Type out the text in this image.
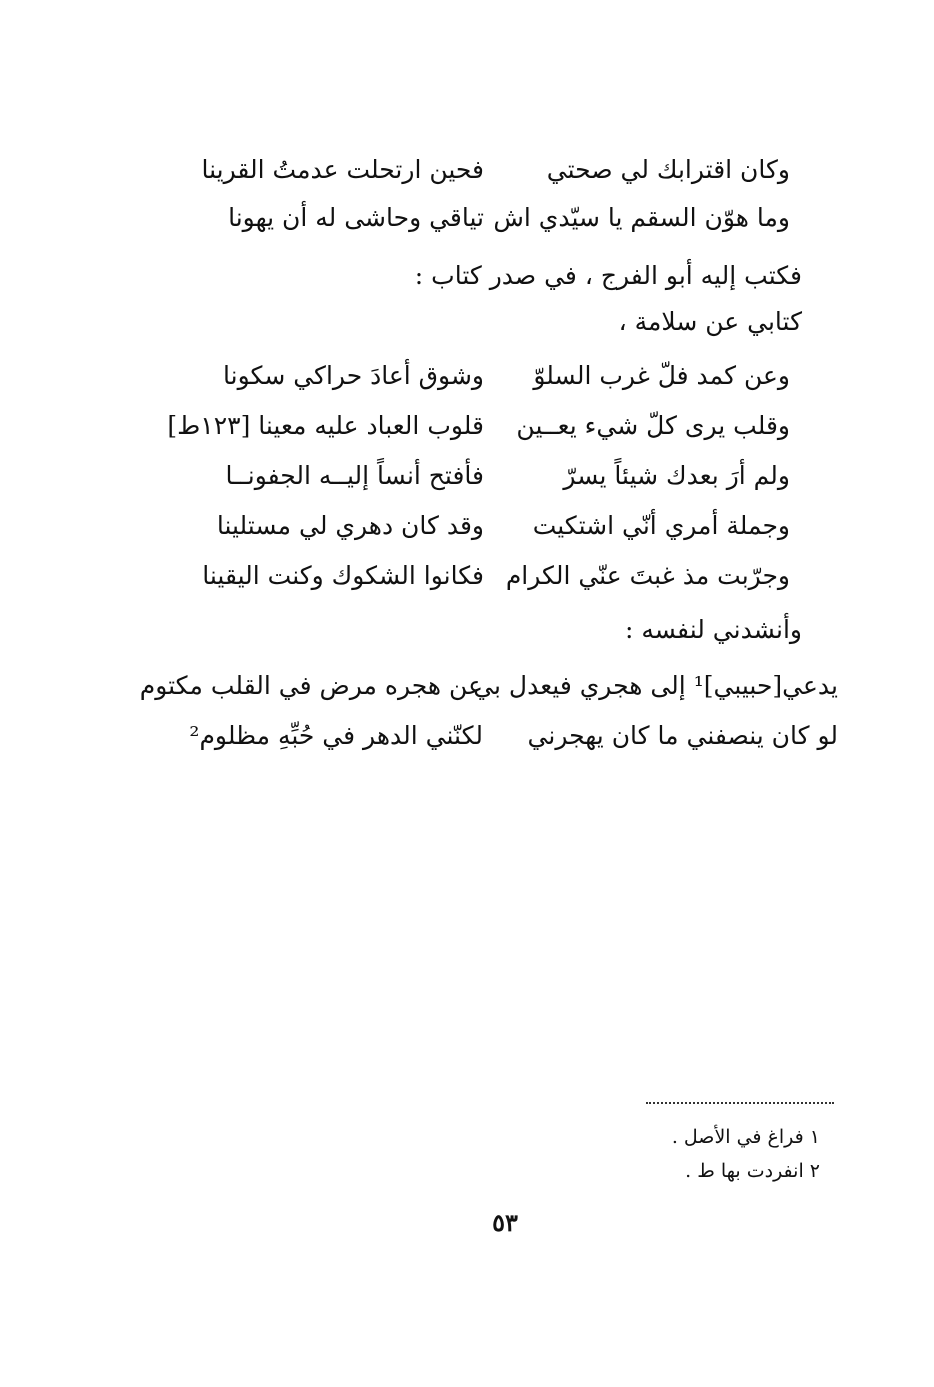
وكان اقترابك لي صحتي
فحين ارتحلت عدمتُ القرينا
وما هوّن السقم يا سيّدي اش
تياقي وحاشى له أن يهونا
فكتب إليه أبو الفرج ، في صدر كتاب :
كتابي عن سلامة ،
وعن كمد فلّ غرب السلوّ
وشوق أعادَ حراكي سكونا
وقلب يرى كلّ شيء يعــين
قلوب العباد عليه معينا [١٢٣ط]
ولم أرَ بعدك شيئاً يسرّ
فأفتح أنساً إليــه الجفونــا
وجملة أمري أنّي اشتكيت
وقد كان دهري لي مستلينا
وجرّبت مذ غبتَ عنّي الكرام
فكانوا الشكوك وكنت اليقينا
وأنشدني لنفسه :
يدعي[حبيبي]¹ إلى هجري فيعدل بي
عن هجره مرض في القلب مكتوم
لو كان ينصفني ما كان يهجرني
لكنّني الدهر في حُبِّهِ مظلوم²
١ فراغ في الأصل .
٢ انفردت بها ط .
٥٣
